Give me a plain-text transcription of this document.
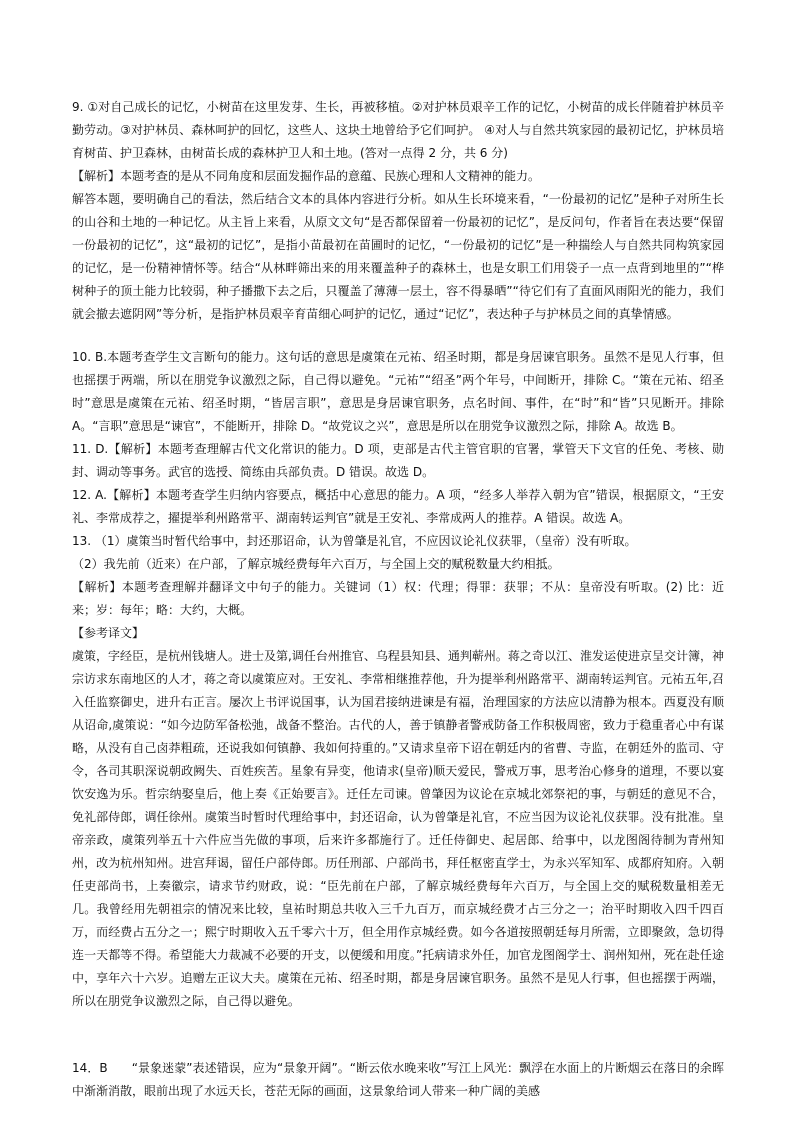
9. ①对自己成长的记忆，小树苗在这里发芽、生长，再被移植。②对护林员艰辛工作的记忆，小树苗的成长伴随着护林员辛勤劳动。③对护林员、森林呵护的回忆，这些人、这块土地曾给予它们呵护。 ④对人与自然共筑家园的最初记忆，护林员培育树苗、护卫森林，由树苗长成的森林护卫人和土地。(答对一点得 2 分，共 6 分)

【解析】本题考查的是从不同角度和层面发掘作品的意蕴、民族心理和人文精神的能力。

解答本题，要明确自己的看法，然后结合文本的具体内容进行分析。如从生长环境来看，“一份最初的记忆”是种子对所生长的山谷和土地的一种记忆。从主旨上来看，从原文文句“是否都保留着一份最初的记忆”，是反问句，作者旨在表达要“保留一份最初的记忆”，这“最初的记忆”，是指小苗最初在苗圃时的记忆，“一份最初的记忆”是一种揣绘人与自然共同构筑家园的记忆，是一份精神情怀等。结合“从林畔筛出来的用来覆盖种子的森林土，也是女职工们用袋子一点一点背到地里的”“桦树种子的顶土能力比较弱，种子播撒下去之后，只覆盖了薄薄一层土，容不得暴晒”“待它们有了直面风雨阳光的能力，我们就会撤去遮阴网”等分析，是指护林员艰辛育苗细心呵护的记忆，通过“记忆”，表达种子与护林员之间的真挚情感。

10. B.本题考查学生文言断句的能力。这句话的意思是虞策在元祐、绍圣时期，都是身居谏官职务。虽然不是见人行事，但也摇摆于两端，所以在朋党争议激烈之际，自己得以避免。“元祐”“绍圣”两个年号，中间断开，排除 C。“策在元祐、绍圣时”意思是虞策在元祐、绍圣时期，“皆居言职”，意思是身居谏官职务，点名时间、事件，在“时”和“皆”只见断开。排除 A。“言职”意思是“谏官”，不能断开，排除 D。“故党议之兴”，意思是所以在朋党争议激烈之际，排除 A。故选 B。

11. D.【解析】本题考查理解古代文化常识的能力。D 项，吏部是古代主管官职的官署，掌管天下文官的任免、考核、勋封、调动等事务。武官的选授、简练由兵部负责。D 错误。故选 D。

12. A.【解析】本题考查学生归纳内容要点，概括中心意思的能力。A 项，“经多人举荐入朝为官”错误，根据原文，“王安礼、李常成荐之，擢提举利州路常平、湖南转运判官”就是王安礼、李常成两人的推荐。A 错误。故选 A。

13. （1）虞策当时暂代给事中，封还那诏命，认为曾肇是礼官，不应因议论礼仪获罪，（皇帝）没有听取。

（2）我先前（近来）在户部，了解京城经费每年六百万，与全国上交的赋税数量大约相抵。

【解析】本题考查理解并翻译文中句子的能力。关键词（1）权：代理；得罪：获罪；不从：皇帝没有听取。(2) 比：近来；岁：每年；略：大约，大概。

【参考译文】

虞策，字经臣，是杭州钱塘人。进士及第,调任台州推官、乌程县知县、通判蕲州。蒋之奇以江、淮发运使进京呈交计簿，神宗访求东南地区的人才，蒋之奇以虞策应对。王安礼、李常相继推荐他，升为提举利州路常平、湖南转运判官。元祐五年,召入任监察御史，进升右正言。屡次上书评说国事，认为国君接纳进谏是有福，治理国家的方法应以清静为根本。西夏没有顺从诏命,虞策说：“如今边防军备松弛，战备不整治。古代的人，善于镇静者警戒防备工作积极周密，致力于稳重者心中有谋略，从没有自己卤莽粗疏，还说我如何镇静、我如何持重的。”又请求皇帝下诏在朝廷内的省曹、寺监，在朝廷外的监司、守令，各司其职深说朝政阙失、百姓疾苦。星象有异变，他请求(皇帝)顺天爱民，警戒万事，思考治心修身的道理，不要以宴饮安逸为乐。哲宗纳娶皇后，他上奏《正始要言》。迁任左司谏。曾肇因为议论在京城北郊祭祀的事，与朝廷的意见不合，免礼部侍郎，调任徐州。虞策当时暂时代理给事中，封还诏命，认为曾肇是礼官，不应当因为议论礼仪获罪。没有批准。皇帝亲政，虞策列举五十六件应当先做的事项，后来许多都施行了。迁任侍御史、起居郎、给事中，以龙图阁待制为青州知州，改为杭州知州。进宫拜谒，留任户部侍郎。历任刑部、户部尚书，拜任枢密直学士，为永兴军知军、成都府知府。入朝任吏部尚书，上奏徽宗，请求节约财政，说：“臣先前在户部，了解京城经费每年六百万，与全国上交的赋税数量相差无几。我曾经用先朝祖宗的情况来比较，皇祐时期总共收入三千九百万，而京城经费才占三分之一；治平时期收入四千四百万，而经费占五分之一；熙宁时期收入五千零六十万，但全用作京城经费。如今各道按照朝廷每月所需，立即聚敛，急切得连一天都等不得。希望能大力裁减不必要的开支，以便缓和用度。”托病请求外任，加官龙图阁学士、润州知州，死在赴任途中，享年六十六岁。追赠左正议大夫。虞策在元祐、绍圣时期，都是身居谏官职务。虽然不是见人行事，但也摇摆于两端，所以在朋党争议激烈之际，自己得以避免。

14．B　　“景象迷蒙”表述错误，应为“景象开阔”。“断云依水晚来收”写江上风光：飘浮在水面上的片断烟云在落日的余晖中渐渐消散，眼前出现了水远天长，苍茫无际的画面，这景象给词人带来一种广阔的美感
